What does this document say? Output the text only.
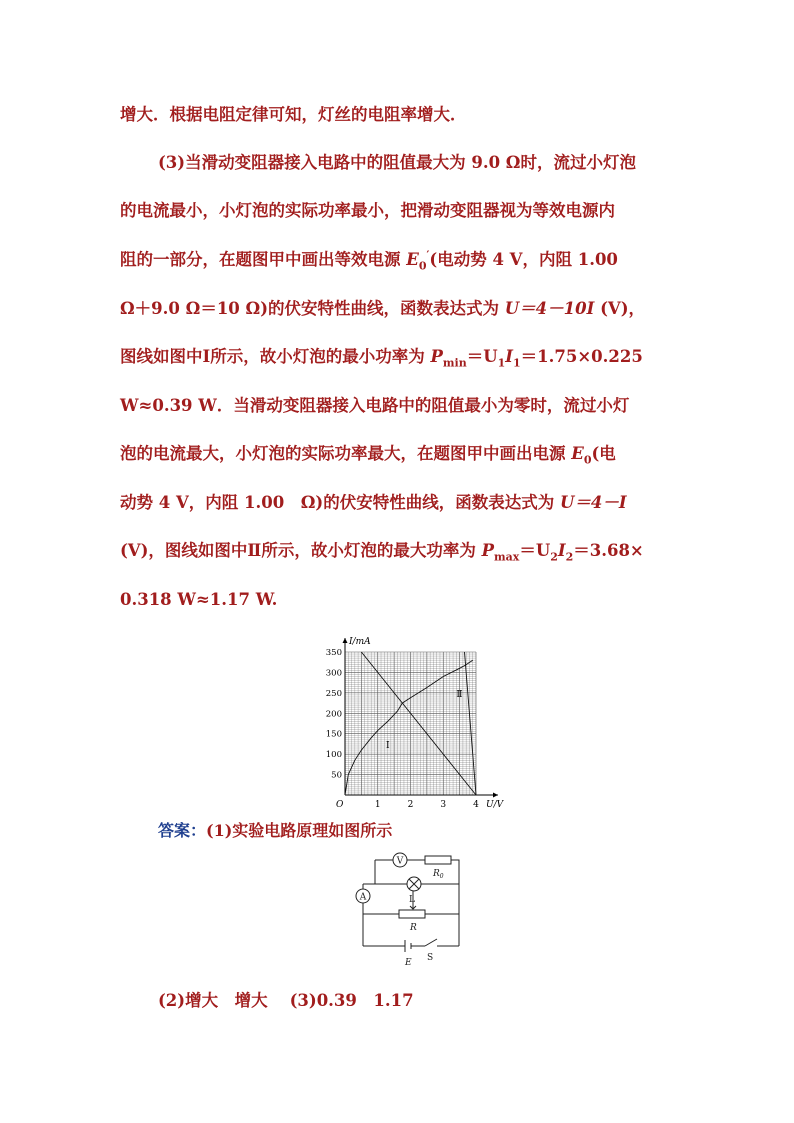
增大．根据电阻定律可知，灯丝的电阻率增大．
(3)当滑动变阻器接入电路中的阻值最大为 9.0 Ω时，流过小灯泡
的电流最小，小灯泡的实际功率最小，把滑动变阻器视为等效电源内
阻的一部分，在题图甲中画出等效电源 $E_0'$(电动势 4 V，内阻 1.00
Ω＋9.0 Ω＝10 Ω)的伏安特性曲线，函数表达式为 U＝4－10I (V)，
图线如图中Ⅰ所示，故小灯泡的最小功率为 $P_{min}=U_1I_1=1.75\times 0.225$
W≈0.39 W．当滑动变阻器接入电路中的阻值最小为零时，流过小灯
泡的电流最大，小灯泡的实际功率最大，在题图甲中画出电源 $E_0$(电
动势 4 V，内阻 1.00　Ω)的伏安特性曲线，函数表达式为 U＝4－I
(V)，图线如图中Ⅱ所示，故小灯泡的最大功率为 $P_{max}=U_2I_2=3.68\times$
0.318 W≈1.17 W.
I/mA
U/V
O	1	2	3	4
50
100
150
200
250
300
350
Ⅰ
Ⅱ
答案：(1)实验电路原理如图所示
V
A
$R_0$
L
R
E S
(2)增大　增大 (3)0.39　1.17
